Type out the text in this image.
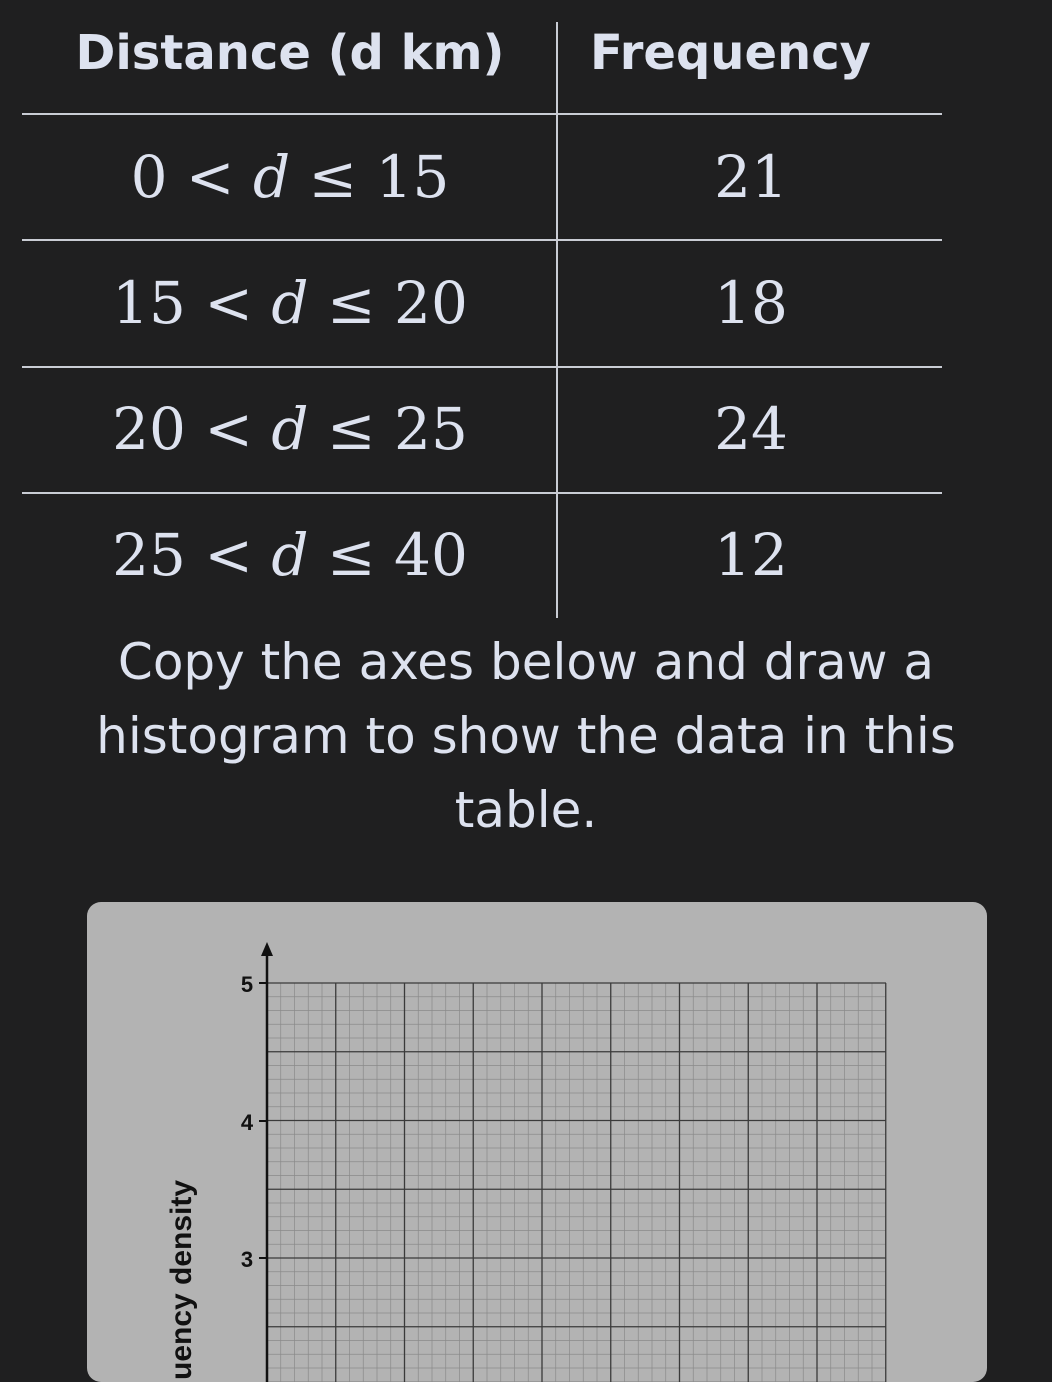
Distance (d km)	Frequency
0 < d ≤ 15	21
15 < d ≤ 20	18
20 < d ≤ 25	24
25 < d ≤ 40	12
Copy the axes below and draw a
histogram to show the data in this
table.
5
4
3
uency density
